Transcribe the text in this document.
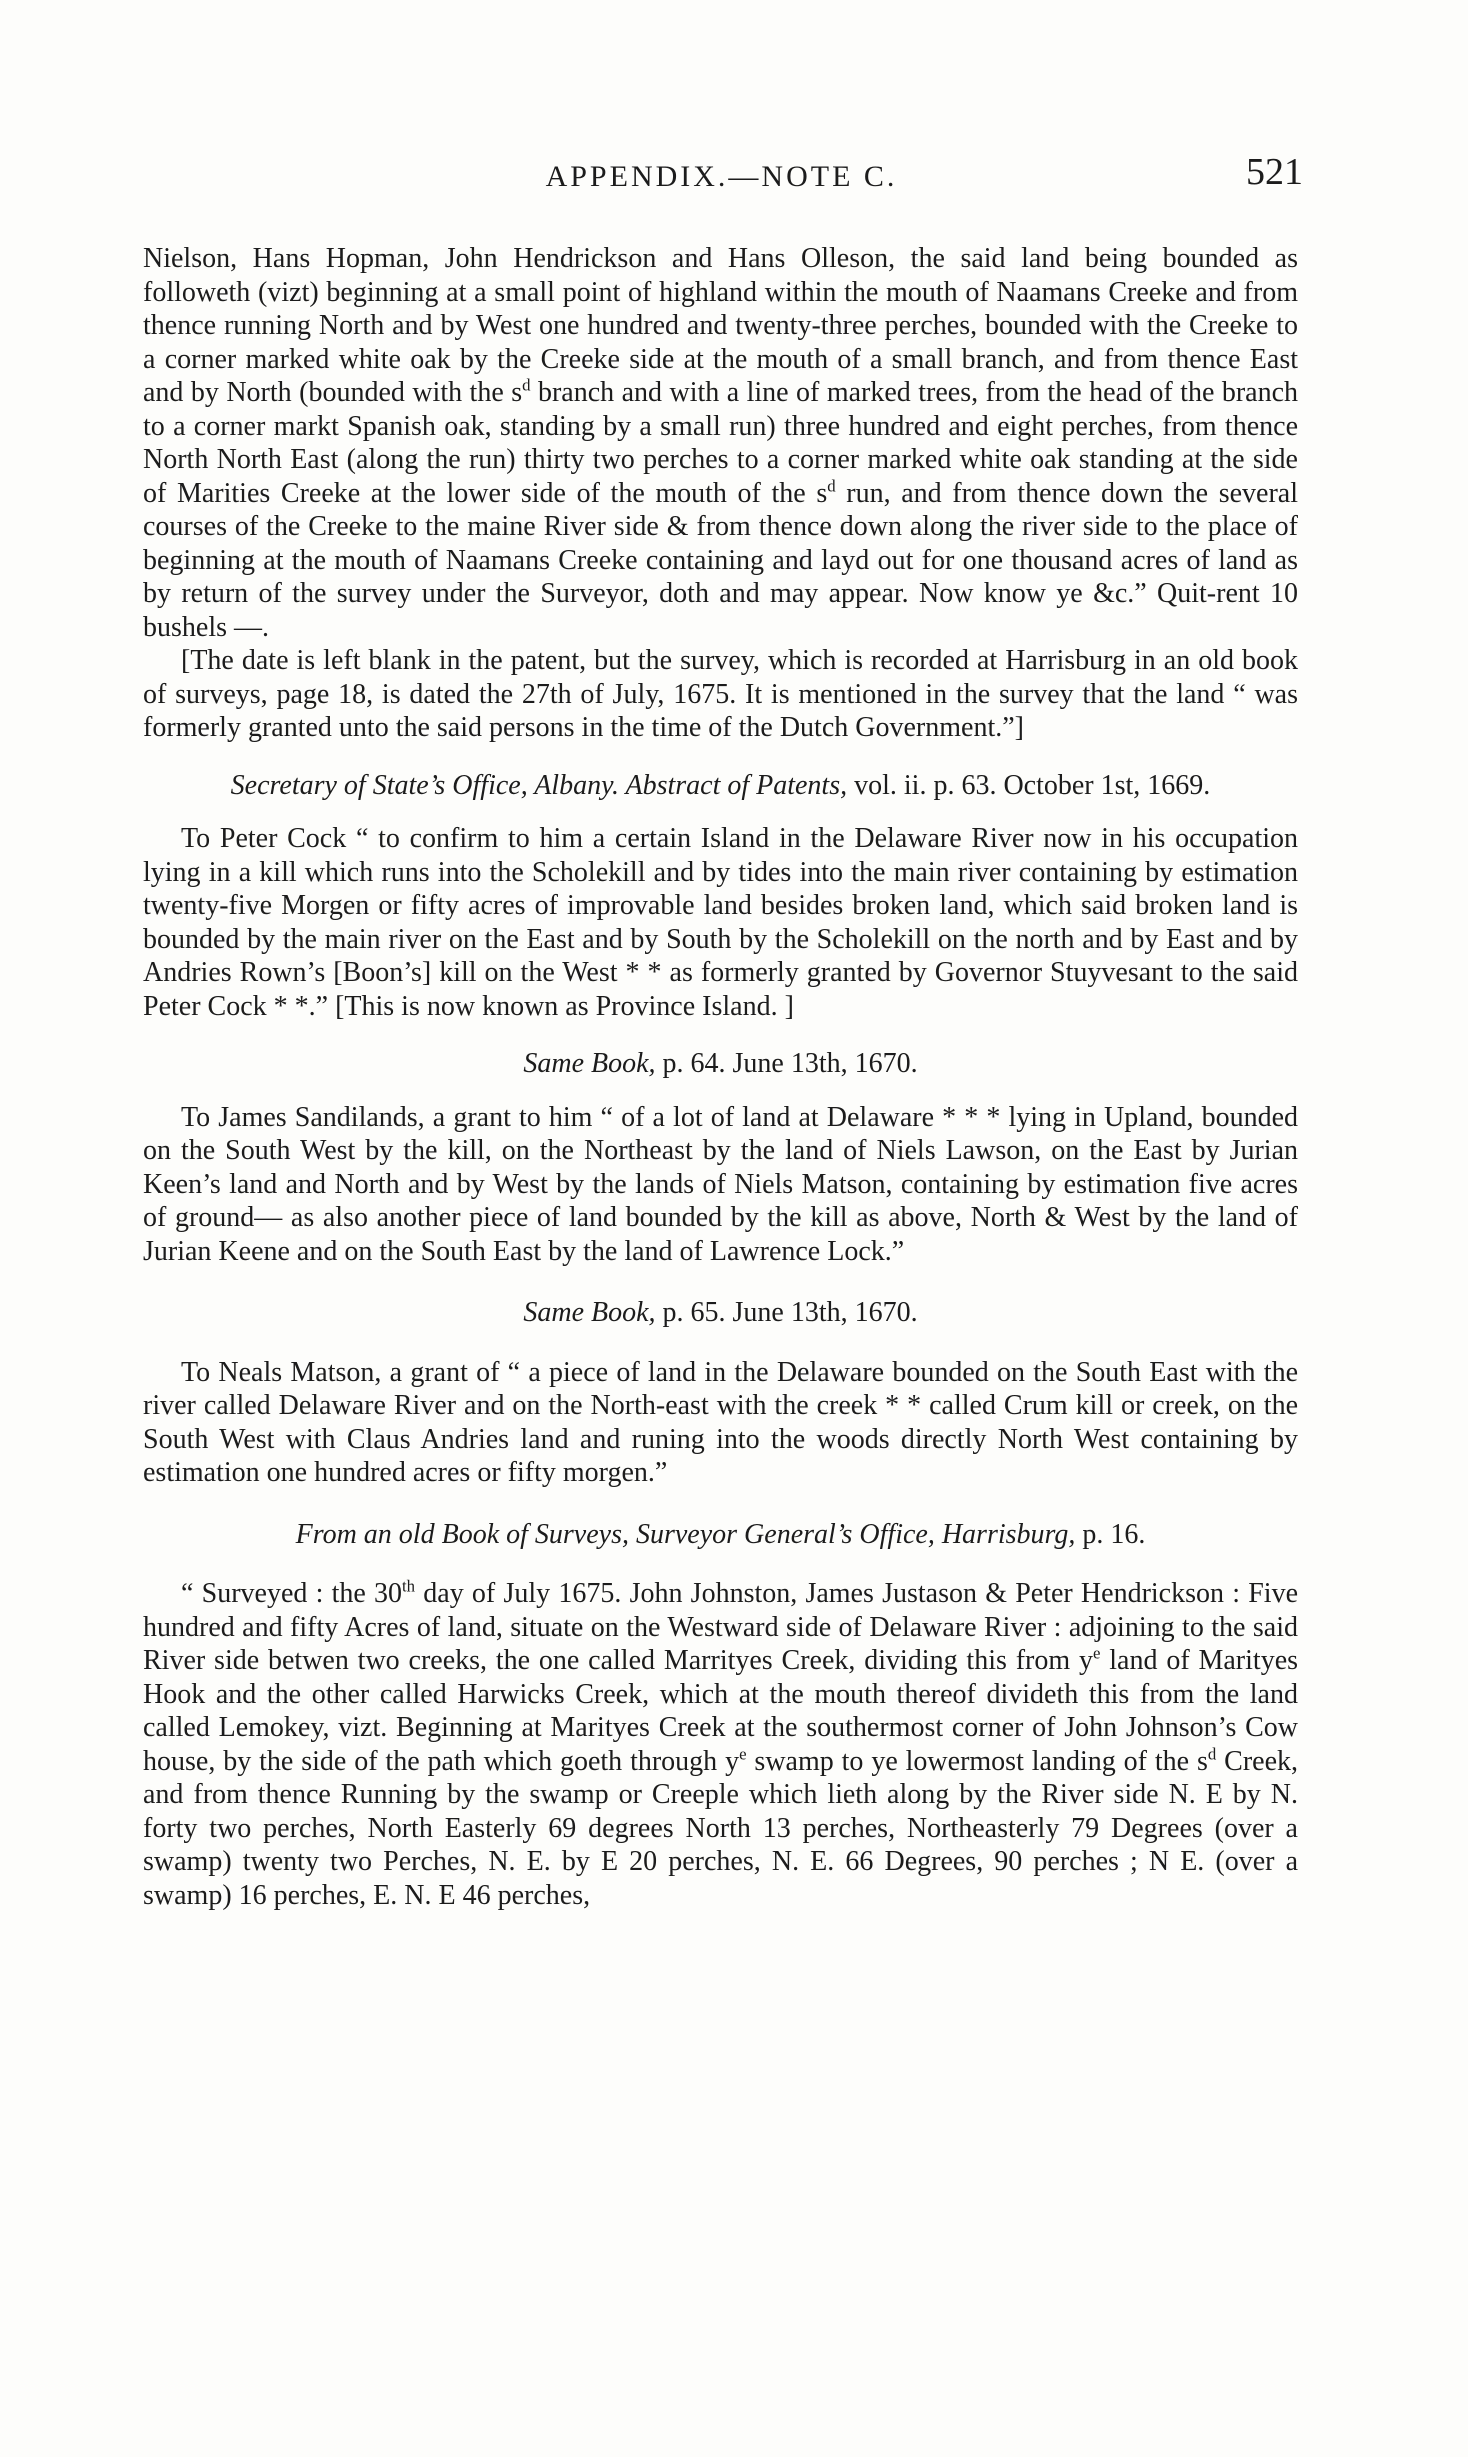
APPENDIX.—NOTE C.	521

Nielson, Hans Hopman, John Hendrickson and Hans Olleson, the said land being bounded as followeth (vizt) beginning at a small point of highland within the mouth of Naamans Creeke and from thence running North and by West one hundred and twenty-three perches, bounded with the Creeke to a corner marked white oak by the Creeke side at the mouth of a small branch, and from thence East and by North (bounded with the $s^d$ branch and with a line of marked trees, from the head of the branch to a corner markt Spanish oak, standing by a small run) three hundred and eight perches, from thence North North East (along the run) thirty two perches to a corner marked white oak standing at the side of Marities Creeke at the lower side of the mouth of the $s^d$ run, and from thence down the several courses of the Creeke to the maine River side & from thence down along the river side to the place of beginning at the mouth of Naamans Creeke containing and layd out for one thousand acres of land as by return of the survey under the Surveyor, doth and may appear. Now know ye &c.” Quit-rent 10 bushels —.

[The date is left blank in the patent, but the survey, which is recorded at Harrisburg in an old book of surveys, page 18, is dated the 27th of July, 1675. It is mentioned in the survey that the land “ was formerly granted unto the said persons in the time of the Dutch Government.”]

Secretary of State’s Office, Albany. Abstract of Patents, vol. ii. p. 63. October 1st, 1669.

To Peter Cock “ to confirm to him a certain Island in the Delaware River now in his occupation lying in a kill which runs into the Scholekill and by tides into the main river containing by estimation twenty-five Morgen or fifty acres of improvable land besides broken land, which said broken land is bounded by the main river on the East and by South by the Scholekill on the north and by East and by Andries Rown’s [Boon’s] kill on the West * * as formerly granted by Governor Stuyvesant to the said Peter Cock * *.” [This is now known as Province Island. ]

Same Book, p. 64. June 13th, 1670.

To James Sandilands, a grant to him “ of a lot of land at Delaware * * * lying in Upland, bounded on the South West by the kill, on the Northeast by the land of Niels Lawson, on the East by Jurian Keen’s land and North and by West by the lands of Niels Matson, containing by estimation five acres of ground— as also another piece of land bounded by the kill as above, North & West by the land of Jurian Keene and on the South East by the land of Lawrence Lock.”

Same Book, p. 65. June 13th, 1670.

To Neals Matson, a grant of “ a piece of land in the Delaware bounded on the South East with the river called Delaware River and on the North-east with the creek * * called Crum kill or creek, on the South West with Claus Andries land and runing into the woods directly North West containing by estimation one hundred acres or fifty morgen.”

From an old Book of Surveys, Surveyor General’s Office, Harrisburg, p. 16.

“ Surveyed : the 30th day of July 1675. John Johnston, James Justason & Peter Hendrickson : Five hundred and fifty Acres of land, situate on the Westward side of Delaware River : adjoining to the said River side betwen two creeks, the one called Marrityes Creek, dividing this from $y^e$ land of Marityes Hook and the other called Harwicks Creek, which at the mouth thereof divideth this from the land called Lemokey, vizt. Beginning at Marityes Creek at the southermost corner of John Johnson’s Cow house, by the side of the path which goeth through $y^e$ swamp to ye lowermost landing of the $s^d$ Creek, and from thence Running by the swamp or Creeple which lieth along by the River side N. E by N. forty two perches, North Easterly 69 degrees North 13 perches, Northeasterly 79 Degrees (over a swamp) twenty two Perches, N. E. by E 20 perches, N. E. 66 Degrees, 90 perches ; N E. (over a swamp) 16 perches, E. N. E 46 perches,
